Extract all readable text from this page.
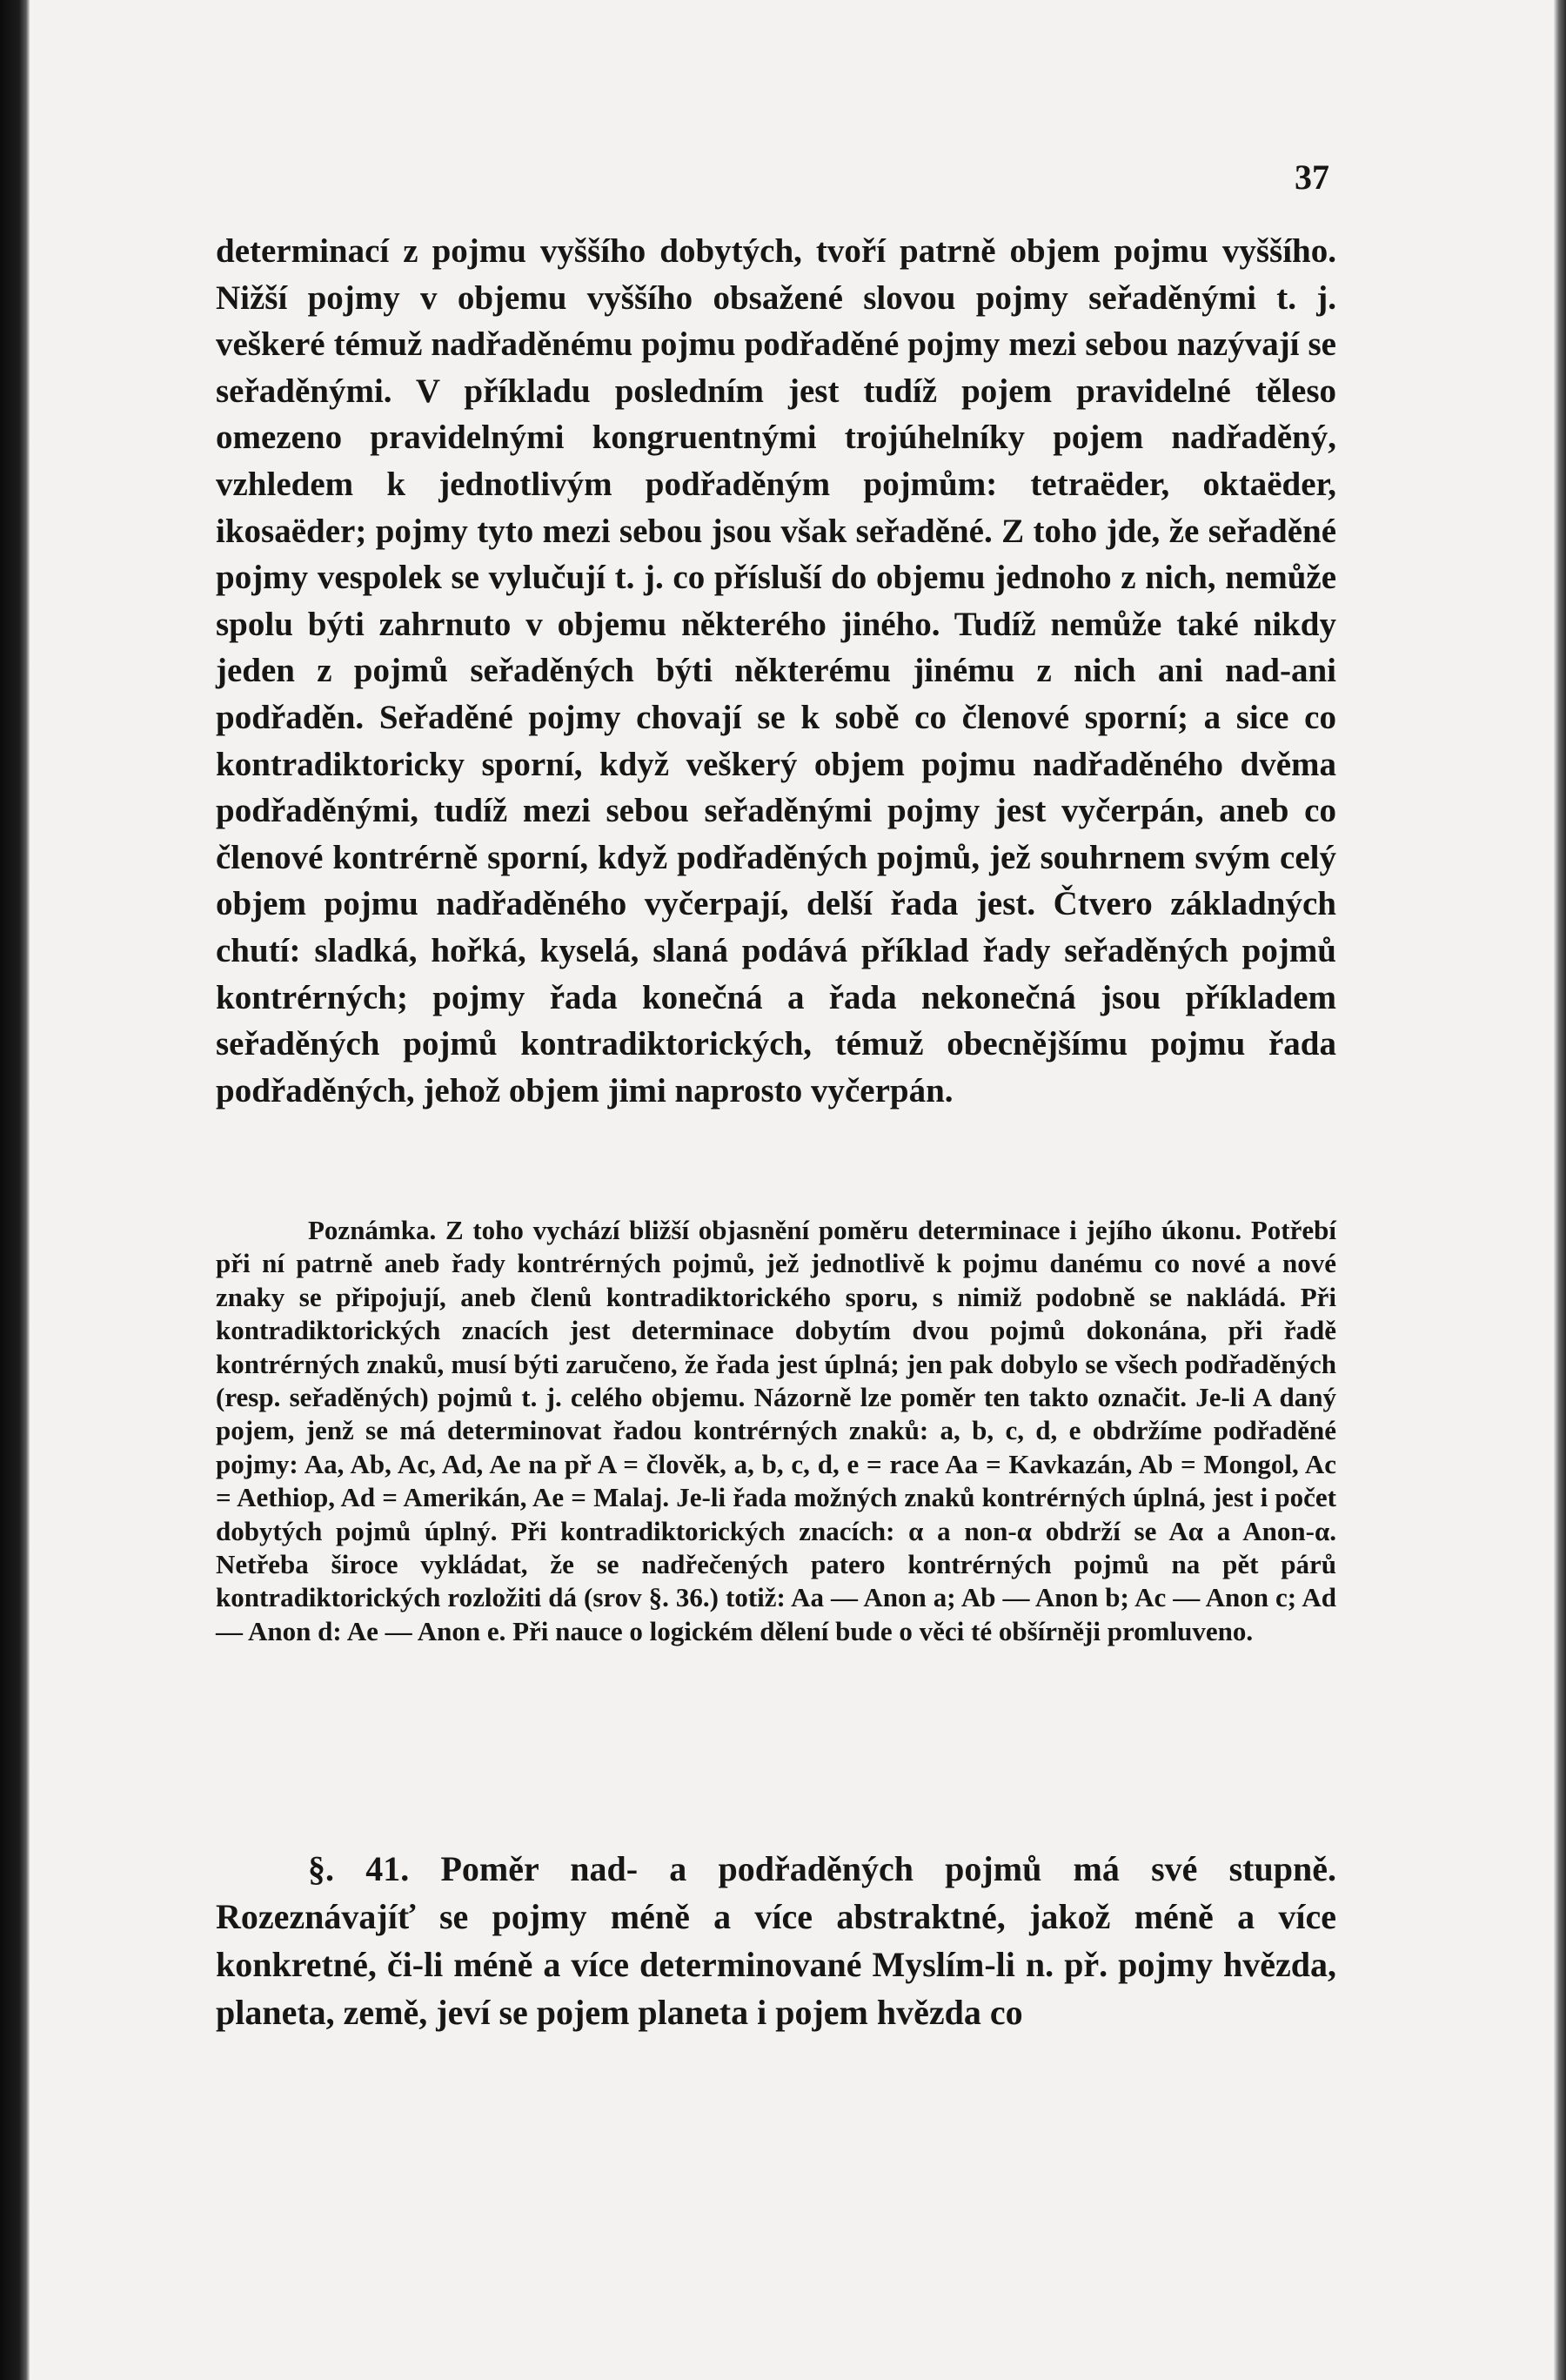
37

determinací z pojmu vyššího dobytých, tvoří patrně objem pojmu vyššího. Nižší pojmy v objemu vyššího obsažené slovou pojmy seřaděnými t. j. veškeré témuž nadřaděnému pojmu podřaděné pojmy mezi sebou nazývají se seřaděnými. V příkladu posledním jest tudíž pojem pravidelné těleso omezeno pravidelnými kongruentnými trojúhelníky pojem nadřaděný, vzhledem k jednotlivým podřaděným pojmům: tetraëder, oktaëder, ikosaëder; pojmy tyto mezi sebou jsou však seřaděné. Z toho jde, že seřaděné pojmy vespolek se vylučují t. j. co přísluší do objemu jednoho z nich, nemůže spolu býti zahrnuto v objemu některého jiného. Tudíž nemůže také nikdy jeden z pojmů seřaděných býti některému jinému z nich ani nad-ani podřaděn. Seřaděné pojmy chovají se k sobě co členové sporní; a sice co kontradiktoricky sporní, když veškerý objem pojmu nadřaděného dvěma podřaděnými, tudíž mezi sebou seřaděnými pojmy jest vyčerpán, aneb co členové kontrérně sporní, když podřaděných pojmů, jež souhrnem svým celý objem pojmu nadřaděného vyčerpají, delší řada jest. Čtvero základných chutí: sladká, hořká, kyselá, slaná podává příklad řady seřaděných pojmů kontrérných; pojmy řada konečná a řada nekonečná jsou příkladem seřaděných pojmů kontradiktorických, témuž obecnějšímu pojmu řada podřaděných, jehož objem jimi naprosto vyčerpán.

Poznámka. Z toho vychází bližší objasnění poměru determinace i jejího úkonu. Potřebí při ní patrně aneb řady kontrérných pojmů, jež jednotlivě k pojmu danému co nové a nové znaky se připojují, aneb členů kontradiktorického sporu, s nimiž podobně se nakládá. Při kontradiktorických znacích jest determinace dobytím dvou pojmů dokonána, při řadě kontrérných znaků, musí býti zaručeno, že řada jest úplná; jen pak dobylo se všech podřaděných (resp. seřaděných) pojmů t. j. celého objemu. Názorně lze poměr ten takto označit. Je-li A daný pojem, jenž se má determinovat řadou kontrérných znaků: a, b, c, d, e obdržíme podřaděné pojmy: Aa, Ab, Ac, Ad, Ae na př A = člověk, a, b, c, d, e = race Aa = Kavkazán, Ab = Mongol, Ac = Aethiop, Ad = Amerikán, Ae = Malaj. Je-li řada možných znaků kontrérných úplná, jest i počet dobytých pojmů úplný. Při kontradiktorických znacích: α a non-α obdrží se Aα a Anon-α. Netřeba široce vykládat, že se nadřečených patero kontrérných pojmů na pět párů kontradiktorických rozložiti dá (srov §. 36.) totiž: Aa — Anon a; Ab — Anon b; Ac — Anon c; Ad — Anon d: Ae — Anon e. Při nauce o logickém dělení bude o věci té obšírněji promluveno.
§. 41. Poměr nad- a podřaděných pojmů má své stupně. Rozeznávajíť se pojmy méně a více abstraktné, jakož méně a více konkretné, či-li méně a více determinované Myslím-li n. př. pojmy hvězda, planeta, země, jeví se pojem planeta i pojem hvězda co
